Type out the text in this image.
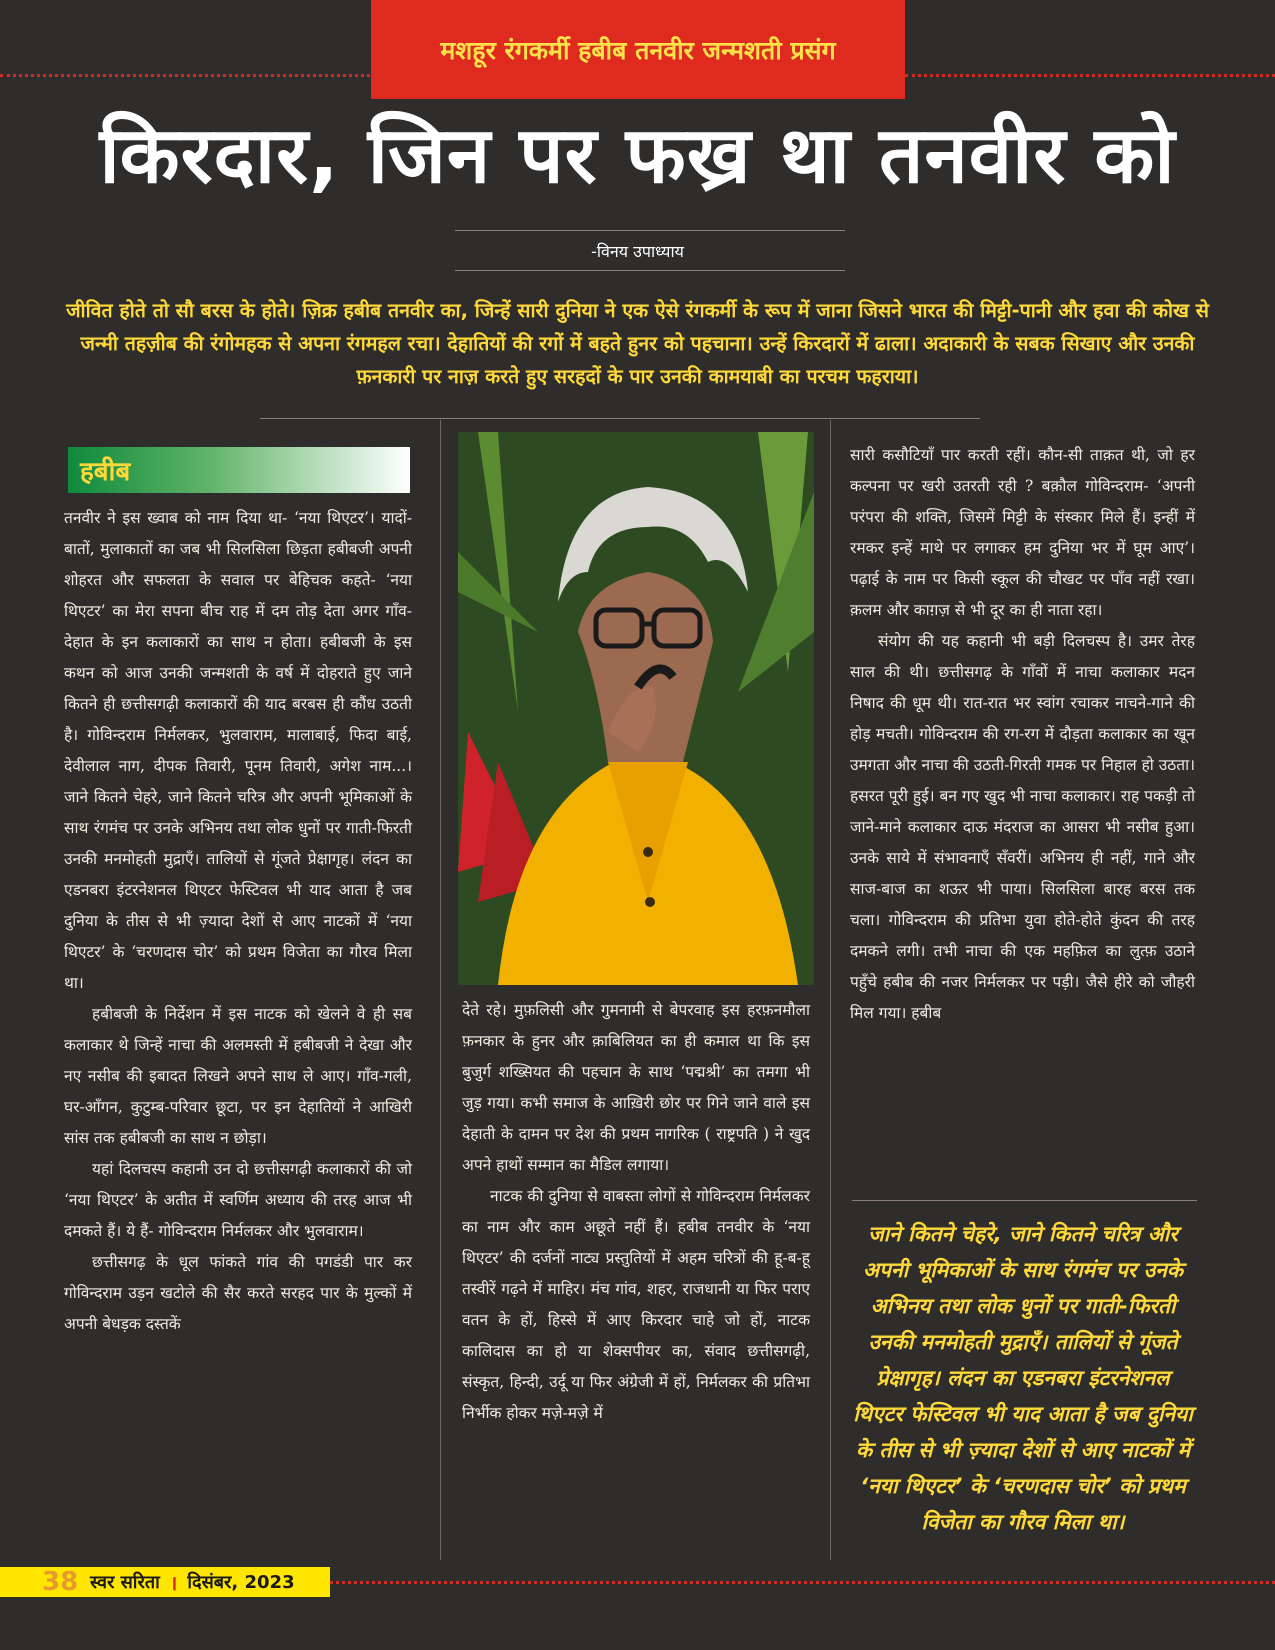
मशहूर रंगकर्मी हबीब तनवीर जन्मशती प्रसंग
किरदार, जिन पर फख्र था तनवीर को
-विनय उपाध्याय
जीवित होते तो सौ बरस के होते। ज़िक्र हबीब तनवीर का, जिन्हें सारी दुनिया ने एक ऐसे रंगकर्मी के रूप में जाना जिसने भारत की मिट्टी-पानी और हवा की कोख से जन्मी तहज़ीब की रंगोमहक से अपना रंगमहल रचा। देहातियों की रगों में बहते हुनर को पहचाना। उन्हें किरदारों में ढाला। अदाकारी के सबक सिखाए और उनकी फ़नकारी पर नाज़ करते हुए सरहदों के पार उनकी कामयाबी का परचम फहराया।
हबीब

तनवीर ने इस ख्वाब को नाम दिया था- ‘नया थिएटर’। यादों-बातों, मुलाकातों का जब भी सिलसिला छिड़ता हबीबजी अपनी शोहरत और सफलता के सवाल पर बेहिचक कहते- ‘नया थिएटर’ का मेरा सपना बीच राह में दम तोड़ देता अगर गाँव-देहात के इन कलाकारों का साथ न होता। हबीबजी के इस कथन को आज उनकी जन्मशती के वर्ष में दोहराते हुए जाने कितने ही छत्तीसगढ़ी कलाकारों की याद बरबस ही कौंध उठती है। गोविन्दराम निर्मलकर, भुलवाराम, मालाबाई, फिदा बाई, देवीलाल नाग, दीपक तिवारी, पूनम तिवारी, अगेश नाम...। जाने कितने चेहरे, जाने कितने चरित्र और अपनी भूमिकाओं के साथ रंगमंच पर उनके अभिनय तथा लोक धुनों पर गाती-फिरती उनकी मनमोहती मुद्राएँ। तालियों से गूंजते प्रेक्षागृह। लंदन का एडनबरा इंटरनेशनल थिएटर फेस्टिवल भी याद आता है जब दुनिया के तीस से भी ज़्यादा देशों से आए नाटकों में ‘नया थिएटर’ के ‘चरणदास चोर’ को प्रथम विजेता का गौरव मिला था।

हबीबजी के निर्देशन में इस नाटक को खेलने वे ही सब कलाकार थे जिन्हें नाचा की अलमस्ती में हबीबजी ने देखा और नए नसीब की इबादत लिखने अपने साथ ले आए। गाँव-गली, घर-आँगन, कुटुम्ब-परिवार छूटा, पर इन देहातियों ने आखिरी सांस तक हबीबजी का साथ न छोड़ा।

यहां दिलचस्प कहानी उन दो छत्तीसगढ़ी कलाकारों की जो ‘नया थिएटर’ के अतीत में स्वर्णिम अध्याय की तरह आज भी दमकते हैं। ये हैं- गोविन्दराम निर्मलकर और भुलवाराम।

छत्तीसगढ़ के धूल फांकते गांव की पगडंडी पार कर गोविन्दराम उड़न खटोले की सैर करते सरहद पार के मुल्कों में अपनी बेधड़क दस्तकें

देते रहे। मुफ़लिसी और गुमनामी से बेपरवाह इस हरफ़नमौला फ़नकार के हुनर और क़ाबिलियत का ही कमाल था कि इस बुजुर्ग शख्सियत की पहचान के साथ ‘पद्मश्री’ का तमगा भी जुड़ गया। कभी समाज के आख़िरी छोर पर गिने जाने वाले इस देहाती के दामन पर देश की प्रथम नागरिक ( राष्ट्रपति ) ने खुद अपने हाथों सम्मान का मैडिल लगाया।

नाटक की दुनिया से वाबस्ता लोगों से गोविन्दराम निर्मलकर का नाम और काम अछूते नहीं हैं। हबीब तनवीर के ‘नया थिएटर’ की दर्जनों नाट्य प्रस्तुतियों में अहम चरित्रों की हू-ब-हू तस्वीरें गढ़ने में माहिर। मंच गांव, शहर, राजधानी या फिर पराए वतन के हों, हिस्से में आए किरदार चाहे जो हों, नाटक कालिदास का हो या शेक्सपीयर का, संवाद छत्तीसगढ़ी, संस्कृत, हिन्दी, उर्दू या फिर अंग्रेजी में हों, निर्मलकर की प्रतिभा निर्भीक होकर मज़े-मज़े में

सारी कसौटियाँ पार करती रहीं। कौन-सी ताक़त थी, जो हर कल्पना पर खरी उतरती रही ? बक़ौल गोविन्दराम- ‘अपनी परंपरा की शक्ति, जिसमें मिट्टी के संस्कार मिले हैं। इन्हीं में रमकर इन्हें माथे पर लगाकर हम दुनिया भर में घूम आए’। पढ़ाई के नाम पर किसी स्कूल की चौखट पर पाँव नहीं रखा। क़लम और काग़ज़ से भी दूर का ही नाता रहा।

संयोग की यह कहानी भी बड़ी दिलचस्प है। उमर तेरह साल की थी। छत्तीसगढ़ के गाँवों में नाचा कलाकार मदन निषाद की धूम थी। रात-रात भर स्वांग रचाकर नाचने-गाने की होड़ मचती। गोविन्दराम की रग-रग में दौड़ता कलाकार का खून उमगता और नाचा की उठती-गिरती गमक पर निहाल हो उठता। हसरत पूरी हुई। बन गए खुद भी नाचा कलाकार। राह पकड़ी तो जाने-माने कलाकार दाऊ मंदराज का आसरा भी नसीब हुआ। उनके साये में संभावनाएँ सँवरीं। अभिनय ही नहीं, गाने और साज-बाज का शऊर भी पाया। सिलसिला बारह बरस तक चला। गोविन्दराम की प्रतिभा युवा होते-होते कुंदन की तरह दमकने लगी। तभी नाचा की एक महफ़िल का लुत्फ़ उठाने पहुँचे हबीब की नजर निर्मलकर पर पड़ी। जैसे हीरे को जौहरी मिल गया। हबीब

जाने कितने चेहरे, जाने कितने चरित्र और अपनी भूमिकाओं के साथ रंगमंच पर उनके अभिनय तथा लोक धुनों पर गाती-फिरती उनकी मनमोहती मुद्राएँ। तालियों से गूंजते प्रेक्षागृह। लंदन का एडनबरा इंटरनेशनल थिएटर फेस्टिवल भी याद आता है जब दुनिया के तीस से भी ज़्यादा देशों से आए नाटकों में ‘नया थिएटर’ के ‘चरणदास चोर’ को प्रथम विजेता का गौरव मिला था।
38 स्वर सरिता । दिसंबर, 2023
